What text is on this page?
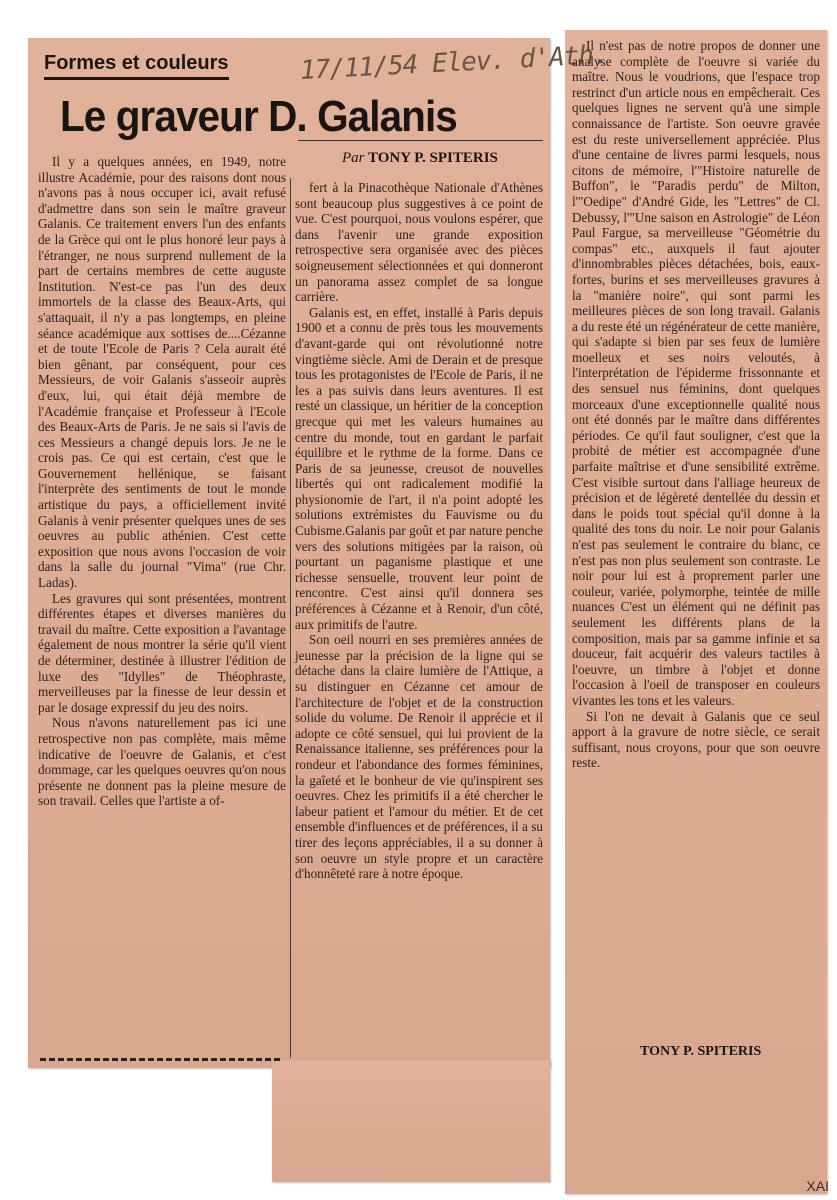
Formes et couleurs	17/11/54 Elev. d'Ath.
Le graveur D. Galanis
Par TONY P. SPITERIS

Il y a quelques années, en 1949, notre illustre Académie, pour des raisons dont nous n'avons pas à nous occuper ici, avait refusé d'admettre dans son sein le maître graveur Galanis. Ce traitement envers l'un des enfants de la Grèce qui ont le plus honoré leur pays à l'étranger, ne nous surprend nullement de la part de certains membres de cette auguste Institution. N'est-ce pas l'un des deux immortels de la classe des Beaux-Arts, qui s'attaquait, il n'y a pas longtemps, en pleine séance académique aux sottises de....Cézanne et de toute l'Ecole de Paris ? Cela aurait été bien gênant, par conséquent, pour ces Messieurs, de voir Galanis s'asseoir auprès d'eux, lui, qui était déjà membre de l'Académie française et Professeur à l'Ecole des Beaux-Arts de Paris. Je ne sais si l'avis de ces Messieurs a changé depuis lors. Je ne le crois pas. Ce qui est certain, c'est que le Gouvernement hellénique, se faisant l'interprète des sentiments de tout le monde artistique du pays, a officiellement invité Galanis à venir présenter quelques unes de ses oeuvres au public athénien. C'est cette exposition que nous avons l'occasion de voir dans la salle du journal "Vima" (rue Chr. Ladas).

Les gravures qui sont présentées, montrent différentes étapes et diverses manières du travail du maître. Cette exposition a l'avantage également de nous montrer la série qu'il vient de déterminer, destinée à illustrer l'édition de luxe des "Idylles" de Théophraste, merveilleuses par la finesse de leur dessin et par le dosage expressif du jeu des noirs.

Nous n'avons naturellement pas ici une retrospective non pas complète, mais même indicative de l'oeuvre de Galanis, et c'est dommage, car les quelques oeuvres qu'on nous présente ne donnent pas la pleine mesure de son travail. Celles que l'artiste a of-

fert à la Pinacothèque Nationale d'Athènes sont beaucoup plus suggestives à ce point de vue. C'est pourquoi, nous voulons espérer, que dans l'avenir une grande exposition retrospective sera organisée avec des pièces soigneusement sélectionnées et qui donneront un panorama assez complet de sa longue carrière.

Galanis est, en effet, installé à Paris depuis 1900 et a connu de près tous les mouvements d'avant-garde qui ont révolutionné notre vingtième siècle. Ami de Derain et de presque tous les protagonistes de l'Ecole de Paris, il ne les a pas suivis dans leurs aventures. Il est resté un classique, un héritier de la conception grecque qui met les valeurs humaines au centre du monde, tout en gardant le parfait équilibre et le rythme de la forme. Dans ce Paris de sa jeunesse, creusot de nouvelles libertés qui ont radicalement modifié la physionomie de l'art, il n'a point adopté les solutions extrémistes du Fauvisme ou du Cubisme.Galanis par goût et par nature penche vers des solutions mitigées par la raison, où pourtant un paganisme plastique et une richesse sensuelle, trouvent leur point de rencontre. C'est ainsi qu'il donnera ses préférences à Cézanne et à Renoir, d'un côté, aux primitifs de l'autre.

Son oeil nourri en ses premières années de jeunesse par la précision de la ligne qui se détache dans la claire lumière de l'Attique, a su distinguer en Cézanne cet amour de l'architecture de l'objet et de la construction solide du volume. De Renoir il apprécie et il adopte ce côté sensuel, qui lui provient de la Renaissance italienne, ses préférences pour la rondeur et l'abondance des formes féminines, la gaîeté et le bonheur de vie qu'inspirent ses oeuvres. Chez les primitifs il a été chercher le labeur patient et l'amour du métier. Et de cet ensemble d'influences et de préférences, il a su tirer des leçons appréciables, il a su donner à son oeuvre un style propre et un caractère d'honnêteté rare à notre époque.

Il n'est pas de notre propos de donner une analyse complète de l'oeuvre si variée du maître. Nous le voudrions, que l'espace trop restrinct d'un article nous en empêcherait. Ces quelques lignes ne servent qu'à une simple connaissance de l'artiste. Son oeuvre gravée est du reste universellement appréciée. Plus d'une centaine de livres parmi lesquels, nous citons de mémoire, l'"Histoire naturelle de Buffon", le "Paradis perdu" de Milton, l'"Oedipe" d'André Gide, les "Lettres" de Cl. Debussy, l'"Une saison en Astrologie" de Léon Paul Fargue, sa merveilleuse "Géométrie du compas" etc., auxquels il faut ajouter d'innombrables pièces détachées, bois, eaux-fortes, burins et ses merveilleuses gravures à la "manière noire", qui sont parmi les meilleures pièces de son long travail. Galanis a du reste été un régénérateur de cette manière, qui s'adapte si bien par ses feux de lumière moelleux et ses noirs veloutés, à l'interprétation de l'épiderme frissonnante et des sensuel nus féminins, dont quelques morceaux d'une exceptionnelle qualité nous ont été donnés par le maître dans différentes périodes. Ce qu'il faut souligner, c'est que la probité de métier est accompagnée d'une parfaite maîtrise et d'une sensibilité extrême. C'est visible surtout dans l'alliage heureux de précision et de légèreté dentellée du dessin et dans le poids tout spécial qu'il donne à la qualité des tons du noir. Le noir pour Galanis n'est pas seulement le contraire du blanc, ce n'est pas non plus seulement son contraste. Le noir pour lui est à proprement parler une couleur, variée, polymorphe, teintée de mille nuances C'est un élément qui ne définit pas seulement les différents plans de la composition, mais par sa gamme infinie et sa douceur, fait acquérir des valeurs tactiles à l'oeuvre, un timbre à l'objet et donne l'occasion à l'oeil de transposer en couleurs vivantes les tons et les valeurs.

Si l'on ne devait à Galanis que ce seul apport à la gravure de notre siècle, ce serait suffisant, nous croyons, pour que son oeuvre reste.

TONY P. SPITERIS
XAI
